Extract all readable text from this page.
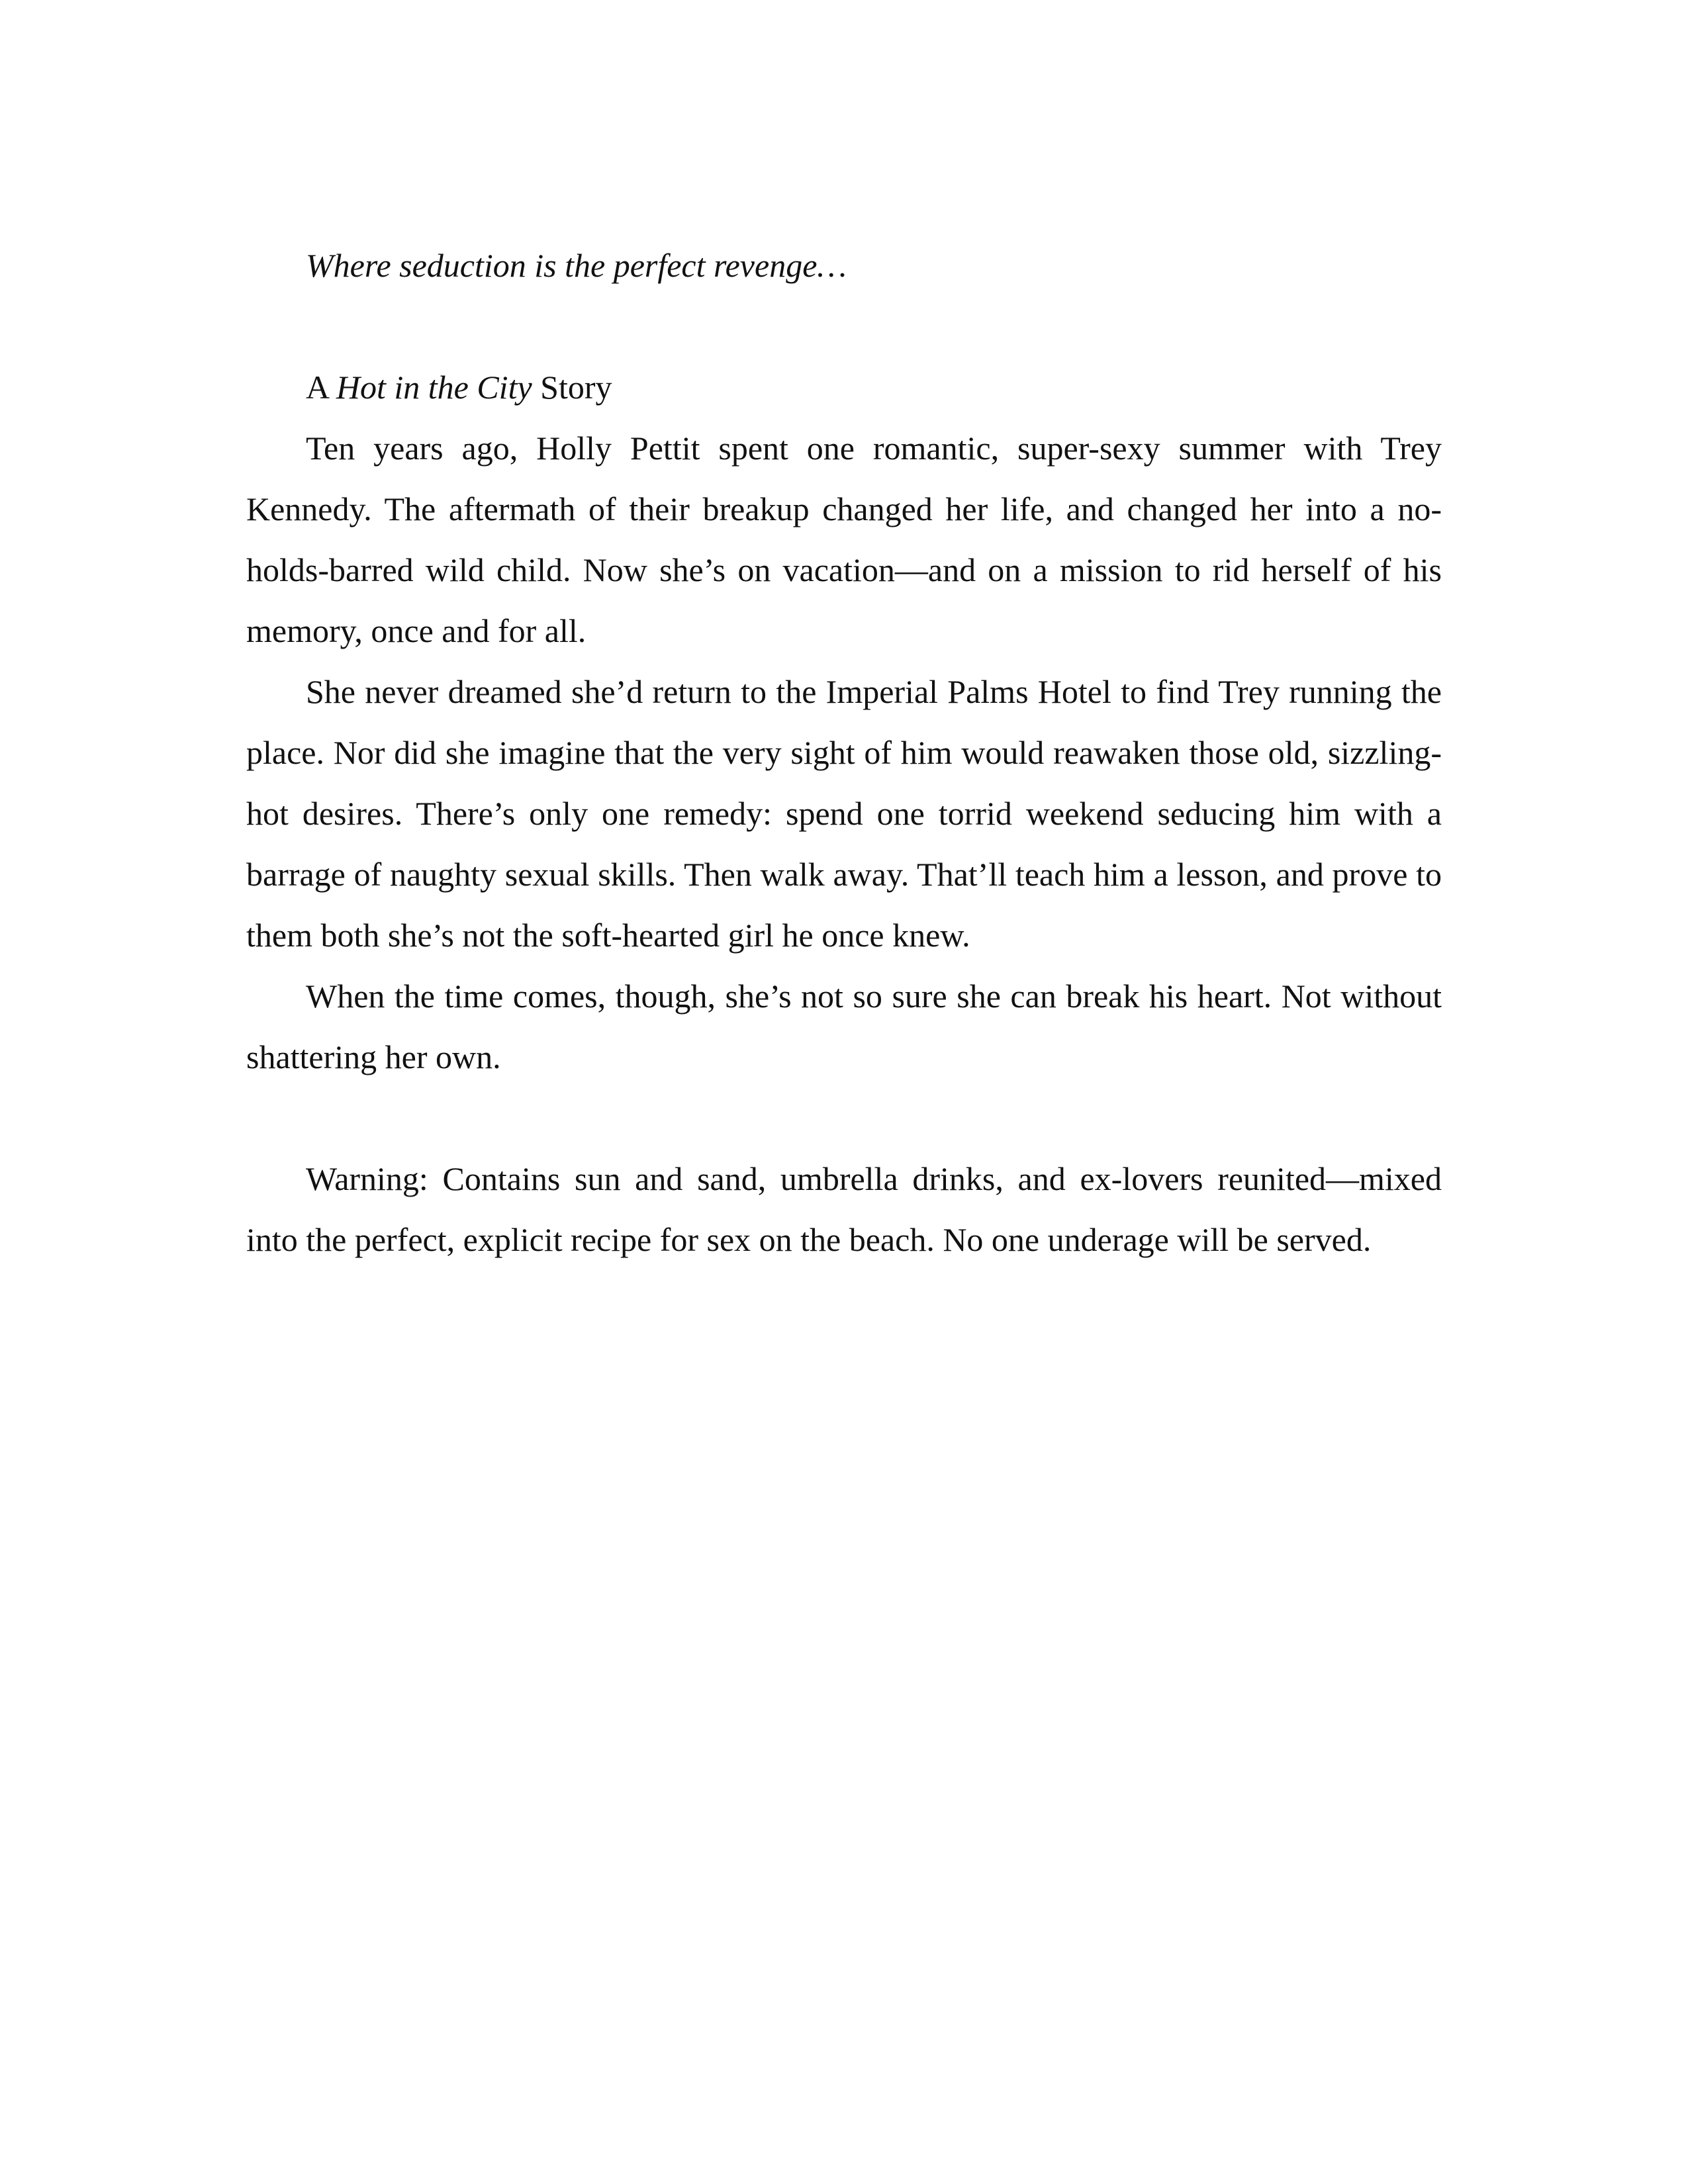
Where seduction is the perfect revenge…

A Hot in the City Story

Ten years ago, Holly Pettit spent one romantic, super-sexy summer with Trey Kennedy. The aftermath of their breakup changed her life, and changed her into a no-holds-barred wild child. Now she’s on vacation—and on a mission to rid herself of his memory, once and for all.

She never dreamed she’d return to the Imperial Palms Hotel to find Trey running the place. Nor did she imagine that the very sight of him would reawaken those old, sizzling-hot desires. There’s only one remedy: spend one torrid weekend seducing him with a barrage of naughty sexual skills. Then walk away. That’ll teach him a lesson, and prove to them both she’s not the soft-hearted girl he once knew.

When the time comes, though, she’s not so sure she can break his heart. Not without shattering her own.

Warning: Contains sun and sand, umbrella drinks, and ex-lovers reunited—mixed into the perfect, explicit recipe for sex on the beach. No one underage will be served.
